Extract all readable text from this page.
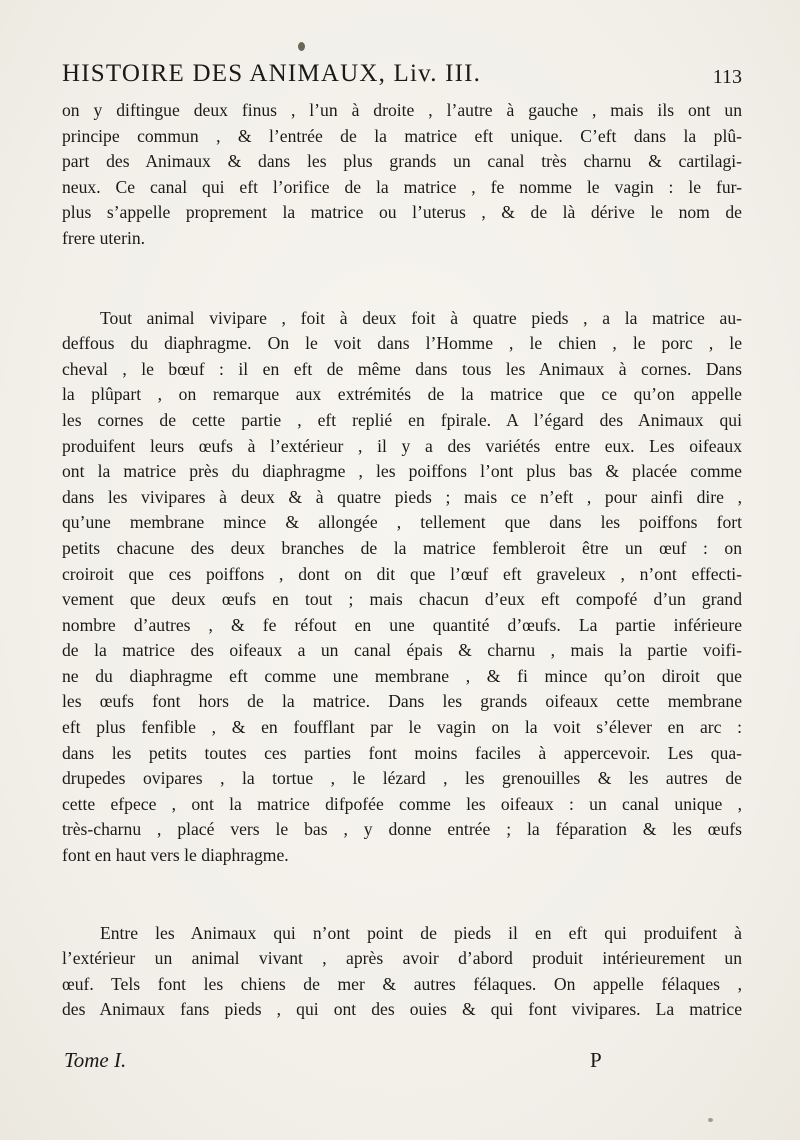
HISTOIRE DES ANIMAUX, Liv. III.	113

on y diftingue deux finus , l’un à droite , l’autre à gauche , mais ils ont un
principe commun , & l’entrée de la matrice eft unique. C’eft dans la plû-
part des Animaux & dans les plus grands un canal très charnu & cartilagi-
neux. Ce canal qui eft l’orifice de la matrice , fe nomme le vagin : le fur-
plus s’appelle proprement la matrice ou l’uterus , & de là dérive le nom de
frere uterin.

Tout animal vivipare , foit à deux foit à quatre pieds , a la matrice au-
deffous du diaphragme. On le voit dans l’Homme , le chien , le porc , le
cheval , le bœuf : il en eft de même dans tous les Animaux à cornes. Dans
la plûpart , on remarque aux extrémités de la matrice que ce qu’on appelle
les cornes de cette partie , eft replié en fpirale. A l’égard des Animaux qui
produifent leurs œufs à l’extérieur , il y a des variétés entre eux. Les oifeaux
ont la matrice près du diaphragme , les poiffons l’ont plus bas & placée comme
dans les vivipares à deux & à quatre pieds ; mais ce n’eft , pour ainfi dire ,
qu’une membrane mince & allongée , tellement que dans les poiffons fort
petits chacune des deux branches de la matrice fembleroit être un œuf : on
croiroit que ces poiffons , dont on dit que l’œuf eft graveleux , n’ont effecti-
vement que deux œufs en tout ; mais chacun d’eux eft compofé d’un grand
nombre d’autres , & fe réfout en une quantité d’œufs. La partie inférieure
de la matrice des oifeaux a un canal épais & charnu , mais la partie voifi-
ne du diaphragme eft comme une membrane , & fi mince qu’on diroit que
les œufs font hors de la matrice. Dans les grands oifeaux cette membrane
eft plus fenfible , & en foufflant par le vagin on la voit s’élever en arc :
dans les petits toutes ces parties font moins faciles à appercevoir. Les qua-
drupedes ovipares , la tortue , le lézard , les grenouilles & les autres de
cette efpece , ont la matrice difpofée comme les oifeaux : un canal unique ,
très-charnu , placé vers le bas , y donne entrée ; la féparation & les œufs
font en haut vers le diaphragme.

Entre les Animaux qui n’ont point de pieds il en eft qui produifent à
l’extérieur un animal vivant , après avoir d’abord produit intérieurement un
œuf. Tels font les chiens de mer & autres félaques. On appelle félaques ,
des Animaux fans pieds , qui ont des ouies & qui font vivipares. La matrice

Tome I.	P
